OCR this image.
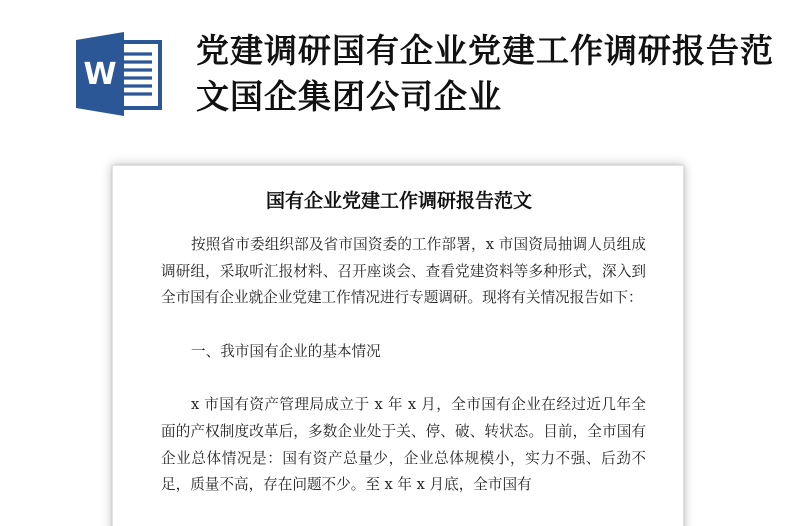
W
党建调研国有企业党建工作调研报告范文国企集团公司企业
国有企业党建工作调研报告范文

按照省市委组织部及省市国资委的工作部署，x 市国资局抽调人员组成调研组，采取听汇报材料、召开座谈会、查看党建资料等多种形式，深入到全市国有企业就企业党建工作情况进行专题调研。现将有关情况报告如下：

一、我市国有企业的基本情况

x 市国有资产管理局成立于 x 年 x 月，全市国有企业在经过近几年全面的产权制度改革后，多数企业处于关、停、破、转状态。目前，全市国有企业总体情况是：国有资产总量少，企业总体规模小，实力不强、后劲不足，质量不高，存在问题不少。至 x 年 x 月底，全市国有
